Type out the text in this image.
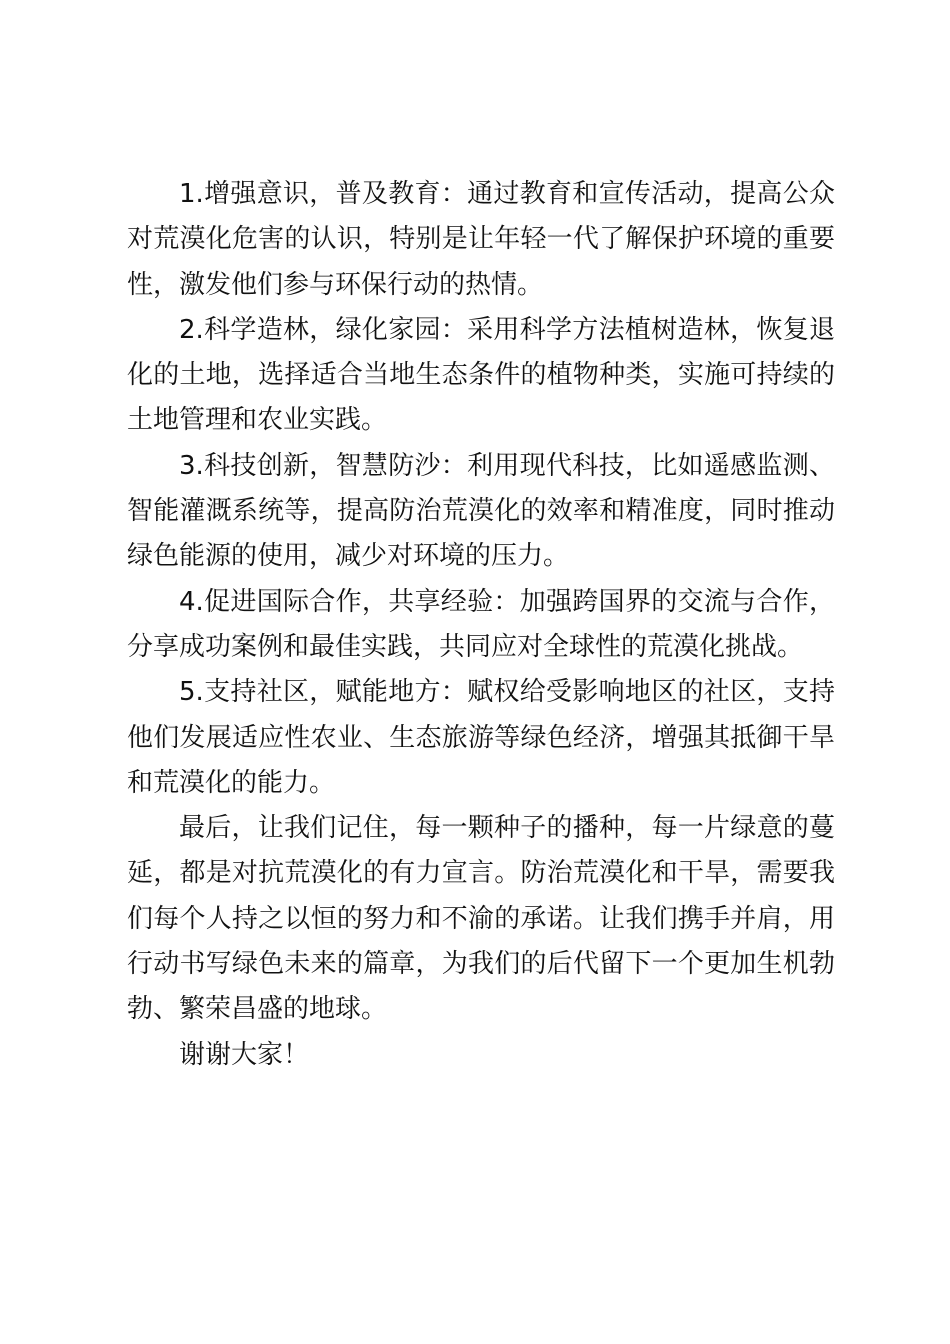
1.增强意识，普及教育：通过教育和宣传活动，提高公众对荒漠化危害的认识，特别是让年轻一代了解保护环境的重要性，激发他们参与环保行动的热情。

2.科学造林，绿化家园：采用科学方法植树造林，恢复退化的土地，选择适合当地生态条件的植物种类，实施可持续的土地管理和农业实践。

3.科技创新，智慧防沙：利用现代科技，比如遥感监测、智能灌溉系统等，提高防治荒漠化的效率和精准度，同时推动绿色能源的使用，减少对环境的压力。

4.促进国际合作，共享经验：加强跨国界的交流与合作，分享成功案例和最佳实践，共同应对全球性的荒漠化挑战。

5.支持社区，赋能地方：赋权给受影响地区的社区，支持他们发展适应性农业、生态旅游等绿色经济，增强其抵御干旱和荒漠化的能力。

最后，让我们记住，每一颗种子的播种，每一片绿意的蔓延，都是对抗荒漠化的有力宣言。防治荒漠化和干旱，需要我们每个人持之以恒的努力和不渝的承诺。让我们携手并肩，用行动书写绿色未来的篇章，为我们的后代留下一个更加生机勃勃、繁荣昌盛的地球。

谢谢大家！
